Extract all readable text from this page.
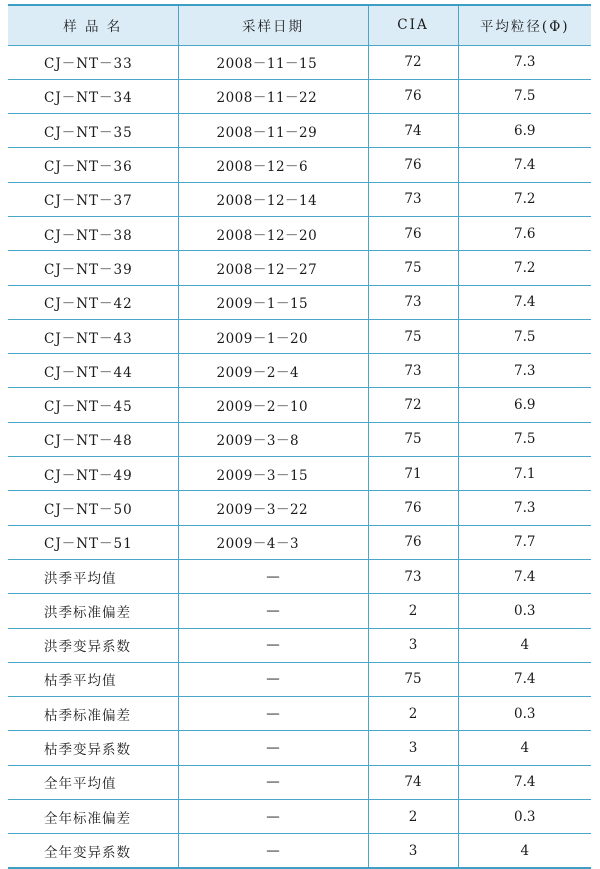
样 品 名	采样日期	CIA	平均粒径(Φ)
CJ－NT－33	2008－11－15	72	7.3
CJ－NT－34	2008－11－22	76	7.5
CJ－NT－35	2008－11－29	74	6.9
CJ－NT－36	2008－12－6	76	7.4
CJ－NT－37	2008－12－14	73	7.2
CJ－NT－38	2008－12－20	76	7.6
CJ－NT－39	2008－12－27	75	7.2
CJ－NT－42	2009－1－15	73	7.4
CJ－NT－43	2009－1－20	75	7.5
CJ－NT－44	2009－2－4	73	7.3
CJ－NT－45	2009－2－10	72	6.9
CJ－NT－48	2009－3－8	75	7.5
CJ－NT－49	2009－3－15	71	7.1
CJ－NT－50	2009－3－22	76	7.3
CJ－NT－51	2009－4－3	76	7.7
洪季平均值	—	73	7.4
洪季标准偏差	—	2	0.3
洪季变异系数	—	3	4
枯季平均值	—	75	7.4
枯季标准偏差	—	2	0.3
枯季变异系数	—	3	4
全年平均值	—	74	7.4
全年标准偏差	—	2	0.3
全年变异系数	—	3	4
